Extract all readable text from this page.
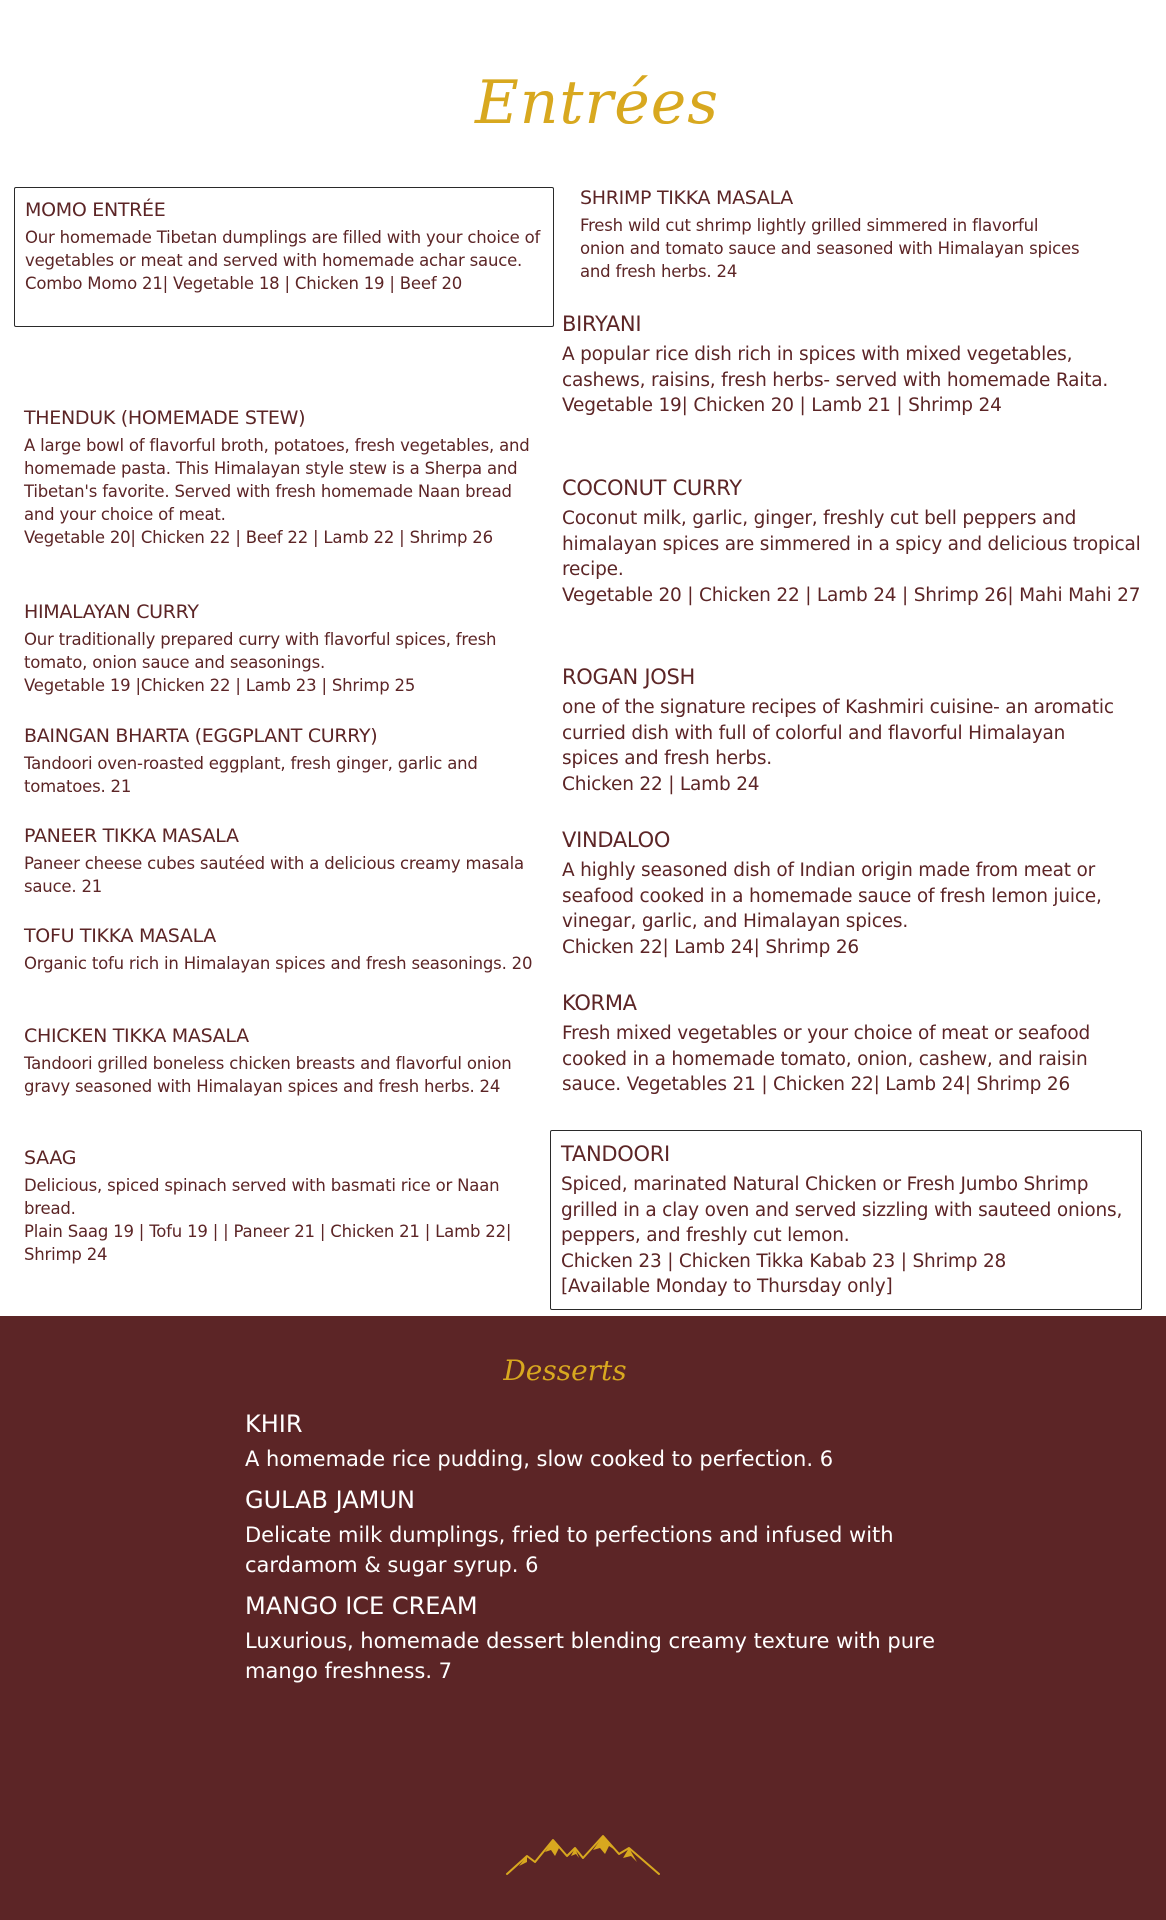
Entrées
MOMO ENTRÉE

Our homemade Tibetan dumplings are filled with your choice of vegetables or meat and served with homemade achar sauce.

Combo Momo 21| Vegetable 18 | Chicken 19 | Beef 20

THENDUK (HOMEMADE STEW)

A large bowl of flavorful broth, potatoes, fresh vegetables, and homemade pasta. This Himalayan style stew is a Sherpa and Tibetan's favorite. Served with fresh homemade Naan bread and your choice of meat.

Vegetable 20| Chicken 22 | Beef 22 | Lamb 22 | Shrimp 26

HIMALAYAN CURRY

Our traditionally prepared curry with flavorful spices, fresh tomato, onion sauce and seasonings.

Vegetable 19 |Chicken 22 | Lamb 23 | Shrimp 25

BAINGAN BHARTA (EGGPLANT CURRY)

Tandoori oven-roasted eggplant, fresh ginger, garlic and tomatoes. 21

PANEER TIKKA MASALA

Paneer cheese cubes sautéed with a delicious creamy masala sauce. 21

TOFU TIKKA MASALA

Organic tofu rich in Himalayan spices and fresh seasonings. 20

CHICKEN TIKKA MASALA

Tandoori grilled boneless chicken breasts and flavorful onion gravy seasoned with Himalayan spices and fresh herbs. 24

SAAG

Delicious, spiced spinach served with basmati rice or Naan bread.

Plain Saag 19 | Tofu 19 | | Paneer 21 | Chicken 21 | Lamb 22| Shrimp 24

SHRIMP TIKKA MASALA

Fresh wild cut shrimp lightly grilled simmered in flavorful onion and tomato sauce and seasoned with Himalayan spices and fresh herbs. 24

BIRYANI

A popular rice dish rich in spices with mixed vegetables, cashews, raisins, fresh herbs- served with homemade Raita.

Vegetable 19| Chicken 20 | Lamb 21 | Shrimp 24

COCONUT CURRY

Coconut milk, garlic, ginger, freshly cut bell peppers and himalayan spices are simmered in a spicy and delicious tropical recipe.

Vegetable 20 | Chicken 22 | Lamb 24 | Shrimp 26| Mahi Mahi 27

ROGAN JOSH

one of the signature recipes of Kashmiri cuisine- an aromatic curried dish with full of colorful and flavorful Himalayan spices and fresh herbs.

Chicken 22 | Lamb 24

VINDALOO

A highly seasoned dish of Indian origin made from meat or seafood cooked in a homemade sauce of fresh lemon juice, vinegar, garlic, and Himalayan spices.

Chicken 22| Lamb 24| Shrimp 26

KORMA

Fresh mixed vegetables or your choice of meat or seafood cooked in a homemade tomato, onion, cashew, and raisin sauce. Vegetables 21 | Chicken 22| Lamb 24| Shrimp 26

TANDOORI

Spiced, marinated Natural Chicken or Fresh Jumbo Shrimp grilled in a clay oven and served sizzling with sauteed onions, peppers, and freshly cut lemon.

Chicken 23 | Chicken Tikka Kabab 23 | Shrimp 28

[Available Monday to Thursday only]

Desserts
KHIR

A homemade rice pudding, slow cooked to perfection. 6

GULAB JAMUN

Delicate milk dumplings, fried to perfections and infused with cardamom & sugar syrup. 6

MANGO ICE CREAM

Luxurious, homemade dessert blending creamy texture with pure mango freshness. 7
